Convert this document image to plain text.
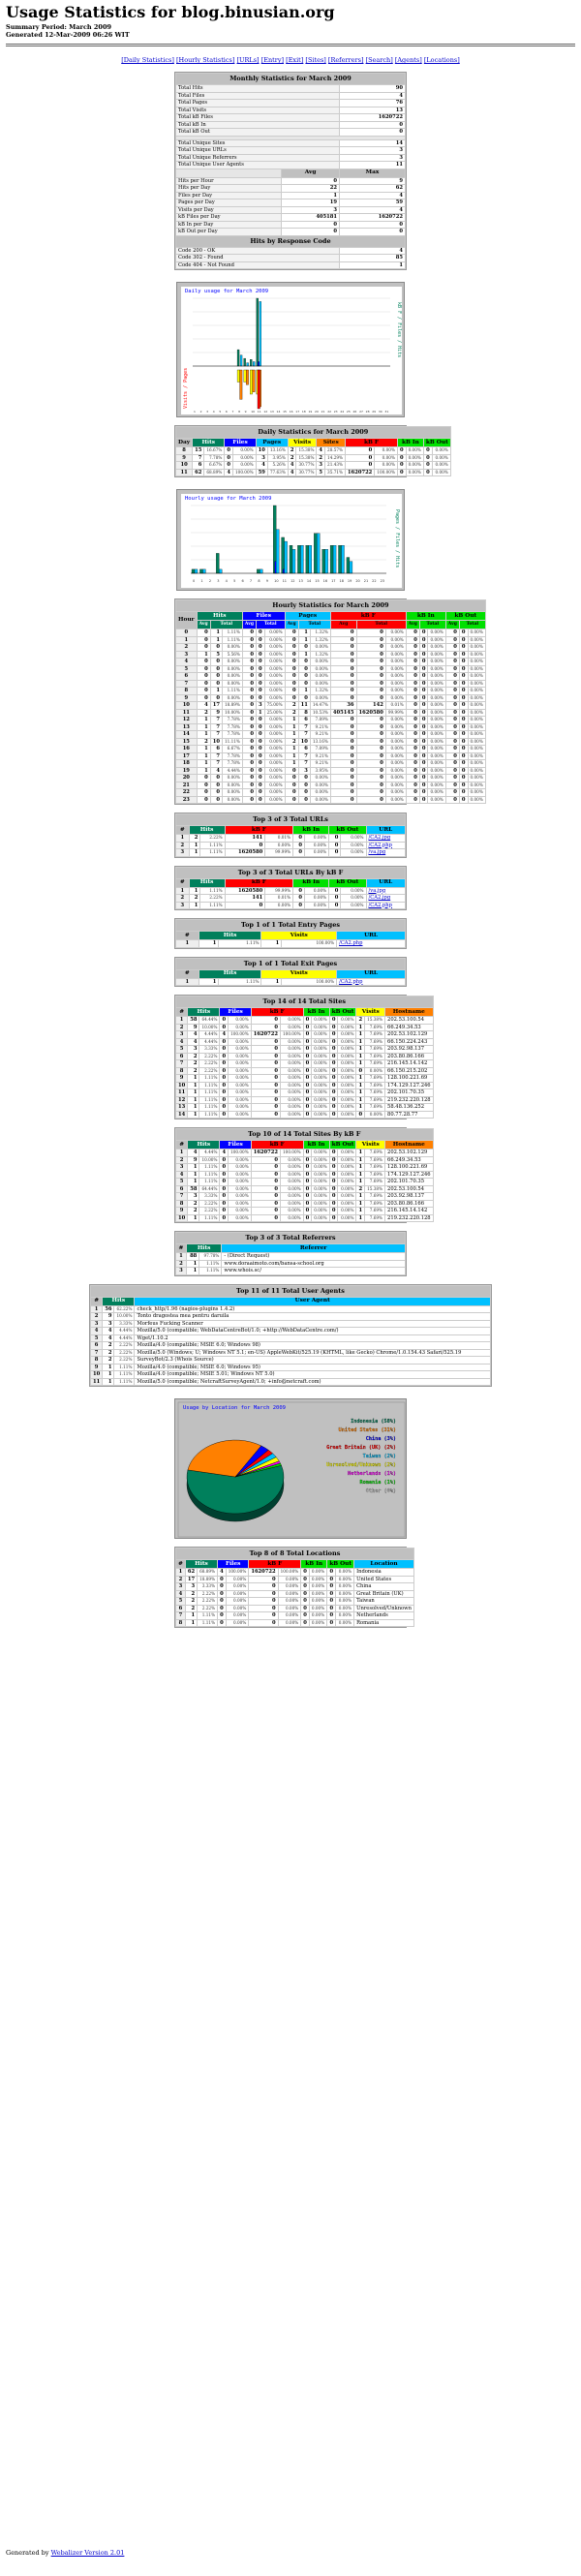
Usage Statistics for blog.binusian.org
Summary Period: March 2009
Generated 12-Mar-2009 06:26 WIT
[Daily Statistics] [Hourly Statistics] [URLs] [Entry] [Exit] [Sites] [Referrers] [Search] [Agents] [Locations]
Monthly Statistics for March 2009		
Total Hits		90
Total Files		4
Total Pages		76
Total Visits		13
Total kB Files		1620722
Total kB In		0
Total kB Out		0

Total Unique Sites		14
Total Unique URLs		3
Total Unique Referrers		3
Total Unique User Agents		11
	Avg	Max
Hits per Hour	0	9
Hits per Day	22	62
Files per Day	1	4
Pages per Day	19	59
Visits per Day	3	4
kB Files per Day	405181	1620722
kB In per Day	0	0
kB Out per Day	0	0
Hits by Response Code		
Code 200 - OK		4
Code 302 - Found		85
Code 404 - Not Found		1
Daily usage for March 2009
kB F / Files / Hits
Visits / Pages
1 2 3 4 5 6 7 8 9 10 11 12 13 14 15 16 17 18 19 20 21 22 23 24 25 26 27 28 29 30 31
Daily Statistics for March 2009																
Day	Hits		Files		Pages		Visits		Sites		kB F		kB In		kB Out	
8	15	16.67%	0	0.00%	10	13.16%	2	15.38%	4	28.57%	0	0.00%	0	0.00%	0	0.00%
9	7	7.78%	0	0.00%	3	3.95%	2	15.38%	2	14.29%	0	0.00%	0	0.00%	0	0.00%
10	6	6.67%	0	0.00%	4	5.26%	4	30.77%	3	21.43%	0	0.00%	0	0.00%	0	0.00%
11	62	68.89%	4	100.00%	59	77.63%	4	30.77%	5	35.71%	1620722	100.00%	0	0.00%	0	0.00%
Hourly usage for March 2009
Pages / Files / Hits
0 1 2 3 4 5 6 7 8 9 10 11 12 13 14 15 16 17 18 19 20 21 22 23
Hourly Statistics for March 2009																		
Hour	Hits			Files			Pages			kB F			kB In			kB Out		
	Avg	Total		Avg	Total		Avg	Total		Avg	Total		Avg	Total		Avg	Total	
0	0	1	1.11%	0	0	0.00%	0	1	1.32%	0	0	0.00%	0	0	0.00%	0	0	0.00%
1	0	1	1.11%	0	0	0.00%	0	1	1.32%	0	0	0.00%	0	0	0.00%	0	0	0.00%
2	0	0	0.00%	0	0	0.00%	0	0	0.00%	0	0	0.00%	0	0	0.00%	0	0	0.00%
3	1	5	5.56%	0	0	0.00%	0	1	1.32%	0	0	0.00%	0	0	0.00%	0	0	0.00%
4	0	0	0.00%	0	0	0.00%	0	0	0.00%	0	0	0.00%	0	0	0.00%	0	0	0.00%
5	0	0	0.00%	0	0	0.00%	0	0	0.00%	0	0	0.00%	0	0	0.00%	0	0	0.00%
6	0	0	0.00%	0	0	0.00%	0	0	0.00%	0	0	0.00%	0	0	0.00%	0	0	0.00%
7	0	0	0.00%	0	0	0.00%	0	0	0.00%	0	0	0.00%	0	0	0.00%	0	0	0.00%
8	0	1	1.11%	0	0	0.00%	0	1	1.32%	0	0	0.00%	0	0	0.00%	0	0	0.00%
9	0	0	0.00%	0	0	0.00%	0	0	0.00%	0	0	0.00%	0	0	0.00%	0	0	0.00%
10	4	17	18.89%	0	3	75.00%	2	11	14.47%	36	142	0.01%	0	0	0.00%	0	0	0.00%
11	2	9	10.00%	0	1	25.00%	2	8	10.53%	405145	1620580	99.99%	0	0	0.00%	0	0	0.00%
12	1	7	7.78%	0	0	0.00%	1	6	7.89%	0	0	0.00%	0	0	0.00%	0	0	0.00%
13	1	7	7.78%	0	0	0.00%	1	7	9.21%	0	0	0.00%	0	0	0.00%	0	0	0.00%
14	1	7	7.78%	0	0	0.00%	1	7	9.21%	0	0	0.00%	0	0	0.00%	0	0	0.00%
15	2	10	11.11%	0	0	0.00%	2	10	13.16%	0	0	0.00%	0	0	0.00%	0	0	0.00%
16	1	6	6.67%	0	0	0.00%	1	6	7.89%	0	0	0.00%	0	0	0.00%	0	0	0.00%
17	1	7	7.78%	0	0	0.00%	1	7	9.21%	0	0	0.00%	0	0	0.00%	0	0	0.00%
18	1	7	7.78%	0	0	0.00%	1	7	9.21%	0	0	0.00%	0	0	0.00%	0	0	0.00%
19	1	4	4.44%	0	0	0.00%	0	3	3.95%	0	0	0.00%	0	0	0.00%	0	0	0.00%
20	0	0	0.00%	0	0	0.00%	0	0	0.00%	0	0	0.00%	0	0	0.00%	0	0	0.00%
21	0	0	0.00%	0	0	0.00%	0	0	0.00%	0	0	0.00%	0	0	0.00%	0	0	0.00%
22	0	0	0.00%	0	0	0.00%	0	0	0.00%	0	0	0.00%	0	0	0.00%	0	0	0.00%
23	0	0	0.00%	0	0	0.00%	0	0	0.00%	0	0	0.00%	0	0	0.00%	0	0	0.00%
Top 3 of 3 Total URLs									
#	Hits		kB F		kB In		kB Out		URL
1	2	2.22%	141	0.01%	0	0.00%	0	0.00%	/CA2.jpg
2	1	1.11%	0	0.00%	0	0.00%	0	0.00%	/CA2.php
3	1	1.11%	1620580	99.99%	0	0.00%	0	0.00%	/va.jpg
Top 3 of 3 Total URLs By kB F									
#	Hits		kB F		kB In		kB Out		URL
1	1	1.11%	1620580	99.99%	0	0.00%	0	0.00%	/va.jpg
2	2	2.22%	141	0.01%	0	0.00%	0	0.00%	/CA2.jpg
3	1	1.11%	0	0.00%	0	0.00%	0	0.00%	/CA2.php
Top 1 of 1 Total Entry Pages					
#	Hits		Visits		URL
1	1	1.11%	1	100.00%	/CA2.php
Top 1 of 1 Total Exit Pages					
#	Hits		Visits		URL
1	1	1.11%	1	100.00%	/CA2.php
Top 14 of 14 Total Sites													
#	Hits		Files		kB F		kB In		kB Out		Visits		Hostname
1	58	64.44%	0	0.00%	0	0.00%	0	0.00%	0	0.00%	2	15.38%	202.53.100.54
2	9	10.00%	0	0.00%	0	0.00%	0	0.00%	0	0.00%	1	7.69%	66.249.34.53
3	4	4.44%	4	100.00%	1620722	100.00%	0	0.00%	0	0.00%	1	7.69%	202.53.102.129
4	4	4.44%	0	0.00%	0	0.00%	0	0.00%	0	0.00%	1	7.69%	66.150.224.243
5	3	3.33%	0	0.00%	0	0.00%	0	0.00%	0	0.00%	1	7.69%	203.92.98.137
6	2	2.22%	0	0.00%	0	0.00%	0	0.00%	0	0.00%	1	7.69%	203.80.86.166
7	2	2.22%	0	0.00%	0	0.00%	0	0.00%	0	0.00%	1	7.69%	216.145.14.142
8	2	2.22%	0	0.00%	0	0.00%	0	0.00%	0	0.00%	0	0.00%	66.150.215.202
9	1	1.11%	0	0.00%	0	0.00%	0	0.00%	0	0.00%	1	7.69%	128.100.221.69
10	1	1.11%	0	0.00%	0	0.00%	0	0.00%	0	0.00%	1	7.69%	174.129.127.246
11	1	1.11%	0	0.00%	0	0.00%	0	0.00%	0	0.00%	1	7.69%	202.101.70.35
12	1	1.11%	0	0.00%	0	0.00%	0	0.00%	0	0.00%	1	7.69%	219.232.220.128
13	1	1.11%	0	0.00%	0	0.00%	0	0.00%	0	0.00%	1	7.69%	58.48.136.252
14	1	1.11%	0	0.00%	0	0.00%	0	0.00%	0	0.00%	0	0.00%	80.77.28.77
Top 10 of 14 Total Sites By kB F													
#	Hits		Files		kB F		kB In		kB Out		Visits		Hostname
1	4	4.44%	4	100.00%	1620722	100.00%	0	0.00%	0	0.00%	1	7.69%	202.53.102.129
2	9	10.00%	0	0.00%	0	0.00%	0	0.00%	0	0.00%	1	7.69%	66.249.34.53
3	1	1.11%	0	0.00%	0	0.00%	0	0.00%	0	0.00%	1	7.69%	128.100.221.69
4	1	1.11%	0	0.00%	0	0.00%	0	0.00%	0	0.00%	1	7.69%	174.129.127.246
5	1	1.11%	0	0.00%	0	0.00%	0	0.00%	0	0.00%	1	7.69%	202.101.70.35
6	58	64.44%	0	0.00%	0	0.00%	0	0.00%	0	0.00%	2	15.38%	202.53.100.54
7	3	3.33%	0	0.00%	0	0.00%	0	0.00%	0	0.00%	1	7.69%	203.92.98.137
8	2	2.22%	0	0.00%	0	0.00%	0	0.00%	0	0.00%	1	7.69%	203.80.86.166
9	2	2.22%	0	0.00%	0	0.00%	0	0.00%	0	0.00%	1	7.69%	216.145.14.142
10	1	1.11%	0	0.00%	0	0.00%	0	0.00%	0	0.00%	1	7.69%	219.232.220.128
Top 3 of 3 Total Referrers			
#	Hits		Referrer
1	88	97.78%	- (Direct Request)
2	1	1.11%	www.doraaimoto.com/bansa-school.org
3	1	1.11%	www.whois.sc/
Top 11 of 11 Total User Agents			
#	Hits		User Agent
1	56	62.22%	check_http/1.96 (nagios-plugins 1.4.2)
2	9	10.00%	Tonto dragostea mea pentru daruila
3	3	3.33%	Morfeus Fucking Scanner
4	4	4.44%	Mozilla/5.0 (compatible; WebDataCentreBot/1.0; +http://WebDataCentre.com/)
5	4	4.44%	Wget/1.10.2
6	2	2.22%	Mozilla/4.0 (compatible; MSIE 6.0; Windows 98)
7	2	2.22%	Mozilla/5.0 (Windows; U; Windows NT 5.1; en-US) AppleWebKit/525.19 (KHTML, like Gecko) Chrome/1.0.154.43 Safari/525.19
8	2	2.22%	SurveyBot/2.3 (Whois Source)
9	1	1.11%	Mozilla/4.0 (compatible; MSIE 6.0; Windows 95)
10	1	1.11%	Mozilla/4.0 (compatible; MSIE 5.01; Windows NT 5.0)
11	1	1.11%	Mozilla/5.0 (compatible; NetcraftSurveyAgent/1.0; +info@netcraft.com)
Usage by Location for March 2009
Indonesia (58%)
United States (31%)
China (3%)
Great Britain (UK) (2%)
Taiwan (2%)
Unresolved/Unknown (2%)
Netherlands (1%)
Romania (1%)
Other (0%)
Top 8 of 8 Total Locations											
#	Hits		Files		kB F		kB In		kB Out		Location
1	62	68.89%	4	100.00%	1620722	100.00%	0	0.00%	0	0.00%	Indonesia
2	17	18.89%	0	0.00%	0	0.00%	0	0.00%	0	0.00%	United States
3	3	3.33%	0	0.00%	0	0.00%	0	0.00%	0	0.00%	China
4	2	2.22%	0	0.00%	0	0.00%	0	0.00%	0	0.00%	Great Britain (UK)
5	2	2.22%	0	0.00%	0	0.00%	0	0.00%	0	0.00%	Taiwan
6	2	2.22%	0	0.00%	0	0.00%	0	0.00%	0	0.00%	Unresolved/Unknown
7	1	1.11%	0	0.00%	0	0.00%	0	0.00%	0	0.00%	Netherlands
8	1	1.11%	0	0.00%	0	0.00%	0	0.00%	0	0.00%	Romania
Generated by Webalizer Version 2.01
